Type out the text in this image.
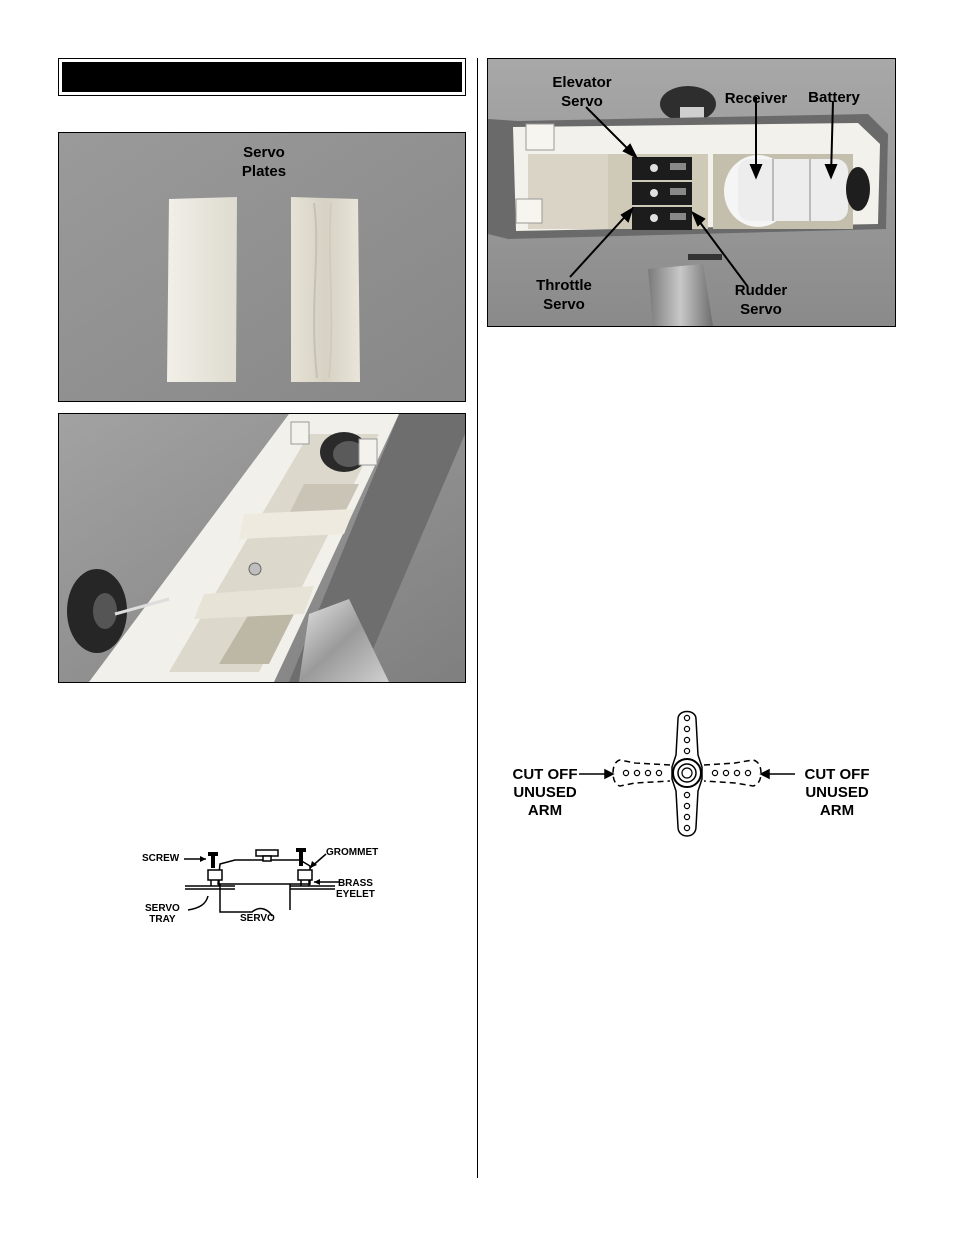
Servo
Plates
Elevator
Servo	Receiver	Battery
Throttle
Servo
Rudder
Servo
SCREW
GROMMET
BRASS
EYELET
SERVO
TRAY	SERVO
CUT OFF
UNUSED
ARM
CUT OFF
UNUSED
ARM
